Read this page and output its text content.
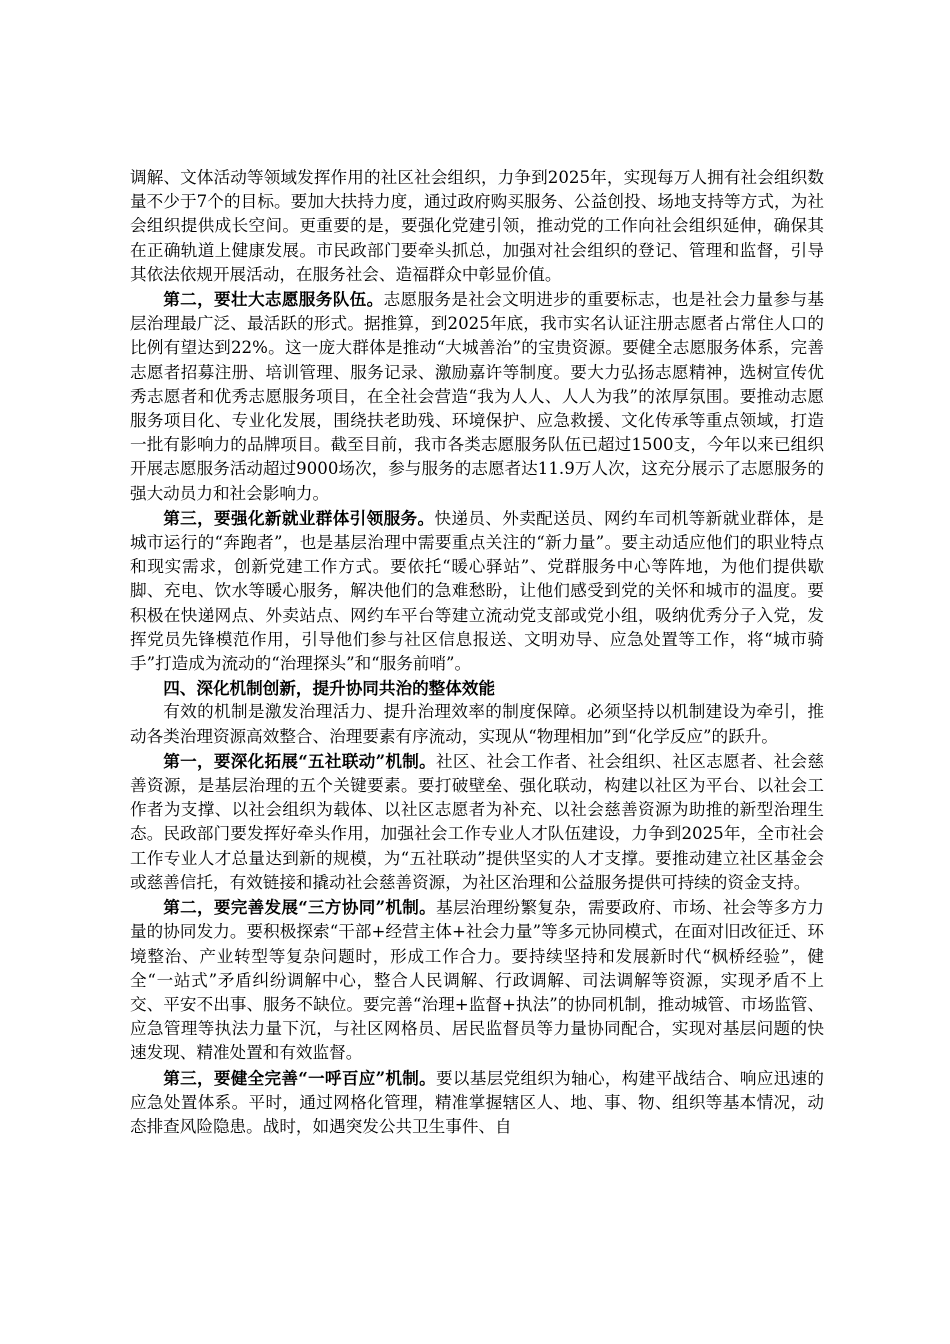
调解、文体活动等领域发挥作用的社区社会组织，力争到2025年，实现每万人拥有社会组织数量不少于7个的目标。要加大扶持力度，通过政府购买服务、公益创投、场地支持等方式，为社会组织提供成长空间。更重要的是，要强化党建引领，推动党的工作向社会组织延伸，确保其在正确轨道上健康发展。市民政部门要牵头抓总，加强对社会组织的登记、管理和监督，引导其依法依规开展活动，在服务社会、造福群众中彰显价值。

第二，要壮大志愿服务队伍。志愿服务是社会文明进步的重要标志，也是社会力量参与基层治理最广泛、最活跃的形式。据推算，到2025年底，我市实名认证注册志愿者占常住人口的比例有望达到22%。这一庞大群体是推动“大城善治”的宝贵资源。要健全志愿服务体系，完善志愿者招募注册、培训管理、服务记录、激励嘉许等制度。要大力弘扬志愿精神，选树宣传优秀志愿者和优秀志愿服务项目，在全社会营造“我为人人、人人为我”的浓厚氛围。要推动志愿服务项目化、专业化发展，围绕扶老助残、环境保护、应急救援、文化传承等重点领域，打造一批有影响力的品牌项目。截至目前，我市各类志愿服务队伍已超过1500支，今年以来已组织开展志愿服务活动超过9000场次，参与服务的志愿者达11.9万人次，这充分展示了志愿服务的强大动员力和社会影响力。

第三，要强化新就业群体引领服务。快递员、外卖配送员、网约车司机等新就业群体，是城市运行的“奔跑者”，也是基层治理中需要重点关注的“新力量”。要主动适应他们的职业特点和现实需求，创新党建工作方式。要依托“暖心驿站”、党群服务中心等阵地，为他们提供歇脚、充电、饮水等暖心服务，解决他们的急难愁盼，让他们感受到党的关怀和城市的温度。要积极在快递网点、外卖站点、网约车平台等建立流动党支部或党小组，吸纳优秀分子入党，发挥党员先锋模范作用，引导他们参与社区信息报送、文明劝导、应急处置等工作，将“城市骑手”打造成为流动的“治理探头”和“服务前哨”。

四、深化机制创新，提升协同共治的整体效能

有效的机制是激发治理活力、提升治理效率的制度保障。必须坚持以机制建设为牵引，推动各类治理资源高效整合、治理要素有序流动，实现从“物理相加”到“化学反应”的跃升。

第一，要深化拓展“五社联动”机制。社区、社会工作者、社会组织、社区志愿者、社会慈善资源，是基层治理的五个关键要素。要打破壁垒、强化联动，构建以社区为平台、以社会工作者为支撑、以社会组织为载体、以社区志愿者为补充、以社会慈善资源为助推的新型治理生态。民政部门要发挥好牵头作用，加强社会工作专业人才队伍建设，力争到2025年，全市社会工作专业人才总量达到新的规模，为“五社联动”提供坚实的人才支撑。要推动建立社区基金会或慈善信托，有效链接和撬动社会慈善资源，为社区治理和公益服务提供可持续的资金支持。

第二，要完善发展“三方协同”机制。基层治理纷繁复杂，需要政府、市场、社会等多方力量的协同发力。要积极探索“干部+经营主体+社会力量”等多元协同模式，在面对旧改征迁、环境整治、产业转型等复杂问题时，形成工作合力。要持续坚持和发展新时代“枫桥经验”，健全“一站式”矛盾纠纷调解中心，整合人民调解、行政调解、司法调解等资源，实现矛盾不上交、平安不出事、服务不缺位。要完善“治理+监督+执法”的协同机制，推动城管、市场监管、应急管理等执法力量下沉，与社区网格员、居民监督员等力量协同配合，实现对基层问题的快速发现、精准处置和有效监督。

第三，要健全完善“一呼百应”机制。要以基层党组织为轴心，构建平战结合、响应迅速的应急处置体系。平时，通过网格化管理，精准掌握辖区人、地、事、物、组织等基本情况，动态排查风险隐患。战时，如遇突发公共卫生事件、自
